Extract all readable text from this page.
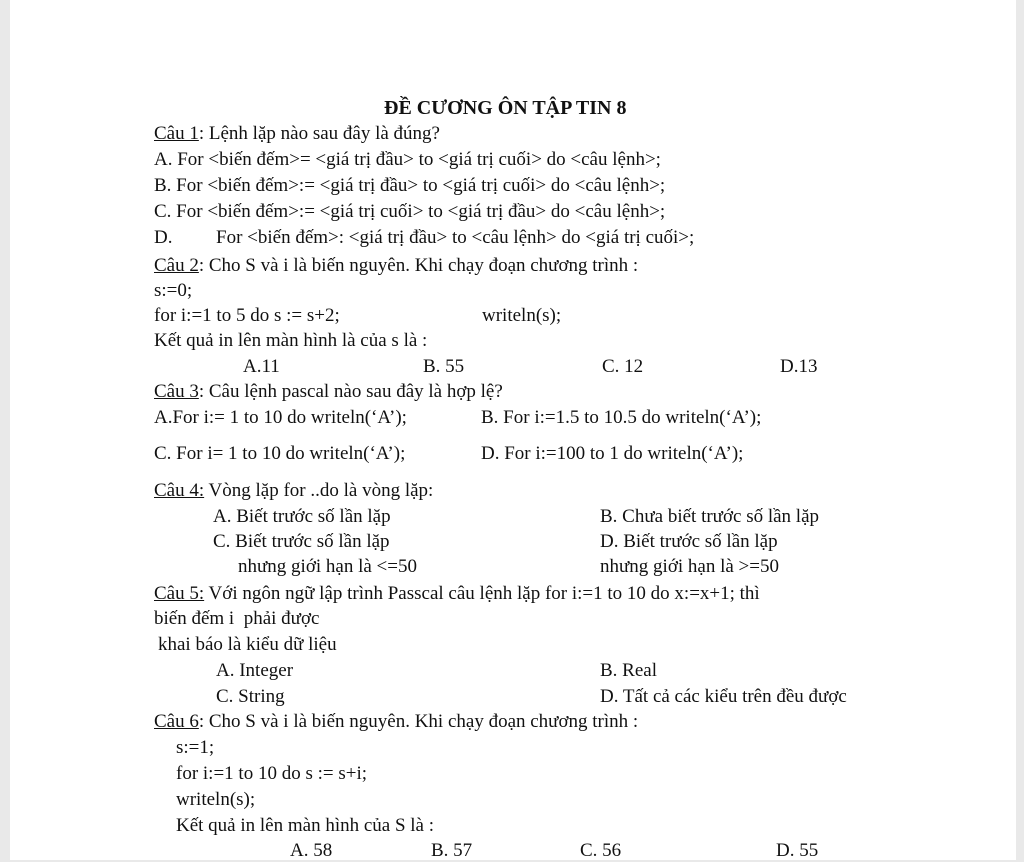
ĐỀ CƯƠNG ÔN TẬP TIN 8
Câu 1: Lệnh lặp nào sau đây là đúng?
A. For <biến đếm>= <giá trị đầu> to <giá trị cuối> do <câu lệnh>;
B. For <biến đếm>:= <giá trị đầu> to <giá trị cuối> do <câu lệnh>;
C. For <biến đếm>:= <giá trị cuối> to <giá trị đầu> do <câu lệnh>;
D. For <biến đếm>: <giá trị đầu> to <câu lệnh> do <giá trị cuối>;
Câu 2: Cho S và i là biến nguyên. Khi chạy đoạn chương trình :
s:=0;
for i:=1 to 5 do s := s+2;	writeln(s);
Kết quả in lên màn hình là của s là :
A.11	B. 55	C. 12	D.13
Câu 3: Câu lệnh pascal nào sau đây là hợp lệ?
A.For i:= 1 to 10 do writeln(‘A’);	B. For i:=1.5 to 10.5 do writeln(‘A’);
C. For i= 1 to 10 do writeln(‘A’);	D. For i:=100 to 1 do writeln(‘A’);
Câu 4: Vòng lặp for ..do là vòng lặp:
A. Biết trước số lần lặp	B. Chưa biết trước số lần lặp
C. Biết trước số lần lặp	D. Biết trước số lần lặp
nhưng giới hạn là <=50	nhưng giới hạn là >=50
Câu 5: Với ngôn ngữ lập trình Passcal câu lệnh lặp for i:=1 to 10 do x:=x+1; thì
biến đếm i  phải được
khai báo là kiểu dữ liệu
A. Integer	B. Real
C. String	D. Tất cả các kiểu trên đều được
Câu 6: Cho S và i là biến nguyên. Khi chạy đoạn chương trình :
s:=1;
for i:=1 to 10 do s := s+i;
writeln(s);
Kết quả in lên màn hình của S là :
A. 58	B. 57	C. 56	D. 55
